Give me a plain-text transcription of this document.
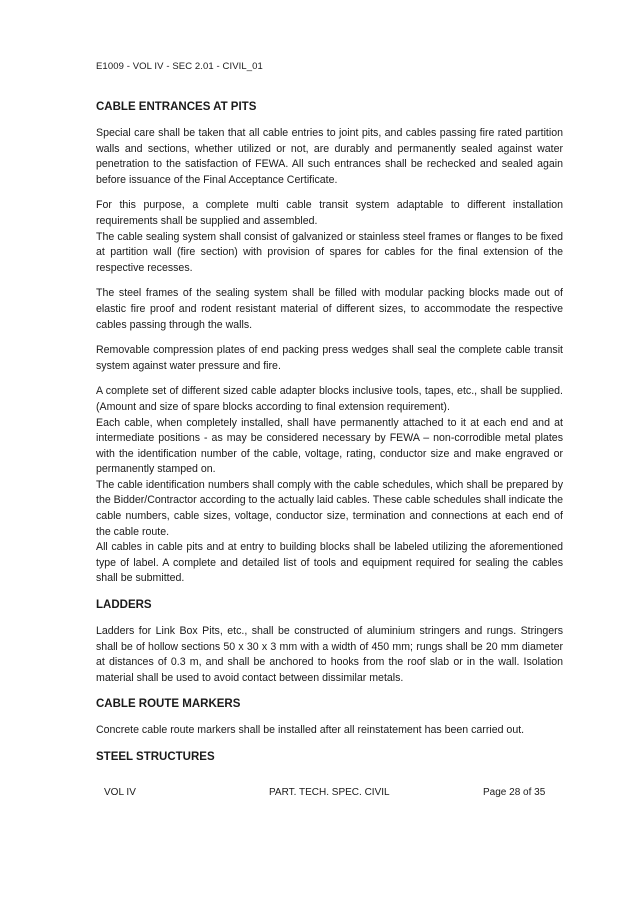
E1009 - VOL IV - SEC 2.01 - CIVIL_01

CABLE ENTRANCES AT PITS

Special care shall be taken that all cable entries to joint pits, and cables passing fire rated partition walls and sections, whether utilized or not, are durably and permanently sealed against water penetration to the satisfaction of FEWA. All such entrances shall be rechecked and sealed again before issuance of the Final Acceptance Certificate.

For this purpose, a complete multi cable transit system adaptable to different installation requirements shall be supplied and assembled.

The cable sealing system shall consist of galvanized or stainless steel frames or flanges to be fixed at partition wall (fire section) with provision of spares for cables for the final extension of the respective recesses.

The steel frames of the sealing system shall be filled with modular packing blocks made out of elastic fire proof and rodent resistant material of different sizes, to accommodate the respective cables passing through the walls.

Removable compression plates of end packing press wedges shall seal the complete cable transit system against water pressure and fire.

A complete set of different sized cable adapter blocks inclusive tools, tapes, etc., shall be supplied. (Amount and size of spare blocks according to final extension requirement).

Each cable, when completely installed, shall have permanently attached to it at each end and at intermediate positions - as may be considered necessary by FEWA – non-corrodible metal plates with the identification number of the cable, voltage, rating, conductor size and make engraved or permanently stamped on.

The cable identification numbers shall comply with the cable schedules, which shall be prepared by the Bidder/Contractor according to the actually laid cables. These cable schedules shall indicate the cable numbers, cable sizes, voltage, conductor size, termination and connections at each end of the cable route.

All cables in cable pits and at entry to building blocks shall be labeled utilizing the aforementioned type of label. A complete and detailed list of tools and equipment required for sealing the cables shall be submitted.

LADDERS

Ladders for Link Box Pits, etc., shall be constructed of aluminium stringers and rungs. Stringers shall be of hollow sections 50 x 30 x 3 mm with a width of 450 mm; rungs shall be 20 mm diameter at distances of 0.3 m, and shall be anchored to hooks from the roof slab or in the wall. Isolation material shall be used to avoid contact between dissimilar metals.

CABLE ROUTE MARKERS

Concrete cable route markers shall be installed after all reinstatement has been carried out.

STEEL STRUCTURES

VOL IV	PART. TECH. SPEC. CIVIL	Page 28 of 35
